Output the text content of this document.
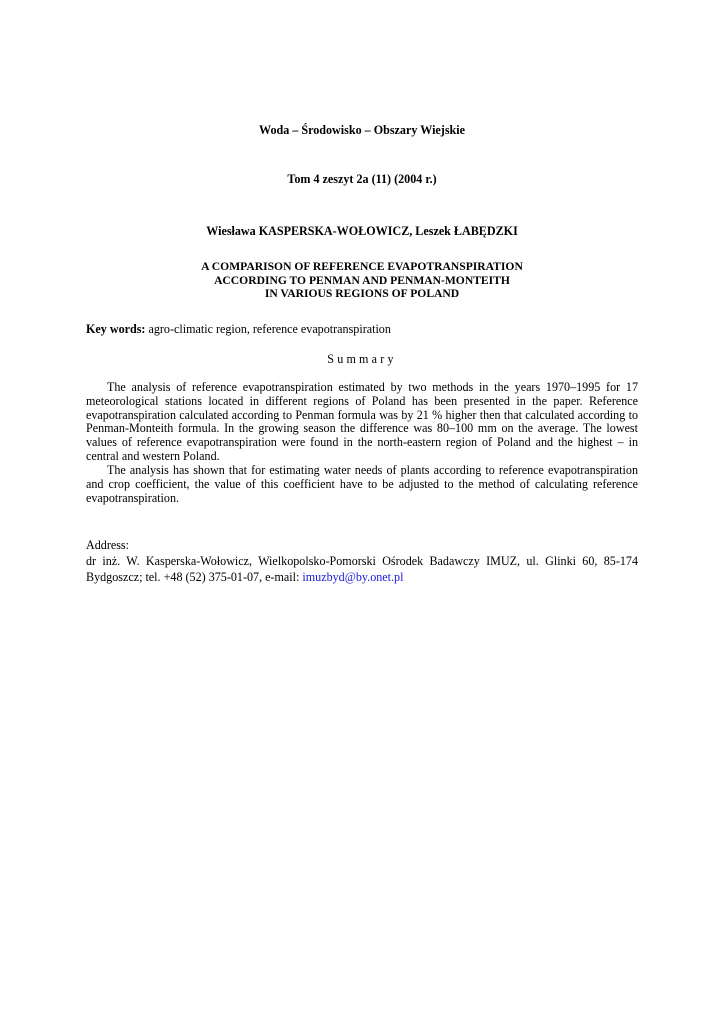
Woda – Środowisko – Obszary Wiejskie
Tom 4 zeszyt 2a (11) (2004 r.)
Wiesława KASPERSKA-WOŁOWICZ, Leszek ŁABĘDZKI
A COMPARISON OF REFERENCE EVAPOTRANSPIRATION
ACCORDING TO PENMAN AND PENMAN-MONTEITH
IN VARIOUS REGIONS OF POLAND
Key words: agro-climatic region, reference evapotranspiration
Summary

The analysis of reference evapotranspiration estimated by two methods in the years 1970–1995 for 17 meteorological stations located in different regions of Poland has been presented in the paper. Reference evapotranspiration calculated according to Penman formula was by 21 % higher then that calculated according to Penman-Monteith formula. In the growing season the difference was 80–100 mm on the average. The lowest values of reference evapotranspiration were found in the north-eastern region of Poland and the highest – in central and western Poland.

The analysis has shown that for estimating water needs of plants according to reference evapotranspiration and crop coefficient, the value of this coefficient have to be adjusted to the method of calculating reference evapotranspiration.

Address:

dr inż. W. Kasperska-Wołowicz, Wielkopolsko-Pomorski Ośrodek Badawczy IMUZ, ul. Glinki 60, 85-174 Bydgoszcz; tel. +48 (52) 375-01-07, e-mail: imuzbyd@by.onet.pl
